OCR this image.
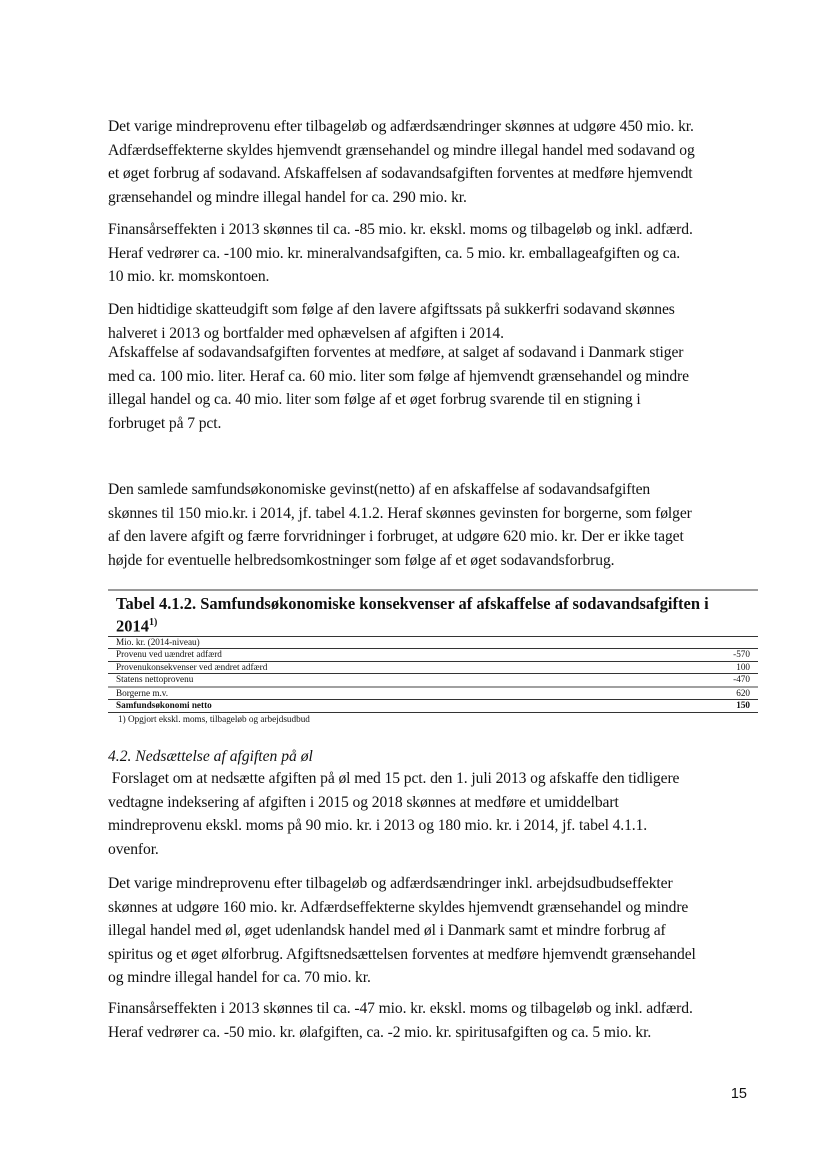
Det varige mindreprovenu efter tilbageløb og adfærdsændringer skønnes at udgøre 450 mio. kr.
Adfærdseffekterne skyldes hjemvendt grænsehandel og mindre illegal handel med sodavand og
et øget forbrug af sodavand. Afskaffelsen af sodavandsafgiften forventes at medføre hjemvendt
grænsehandel og mindre illegal handel for ca. 290 mio. kr.

Finansårseffekten i 2013 skønnes til ca. -85 mio. kr. ekskl. moms og tilbageløb og inkl. adfærd.
Heraf vedrører ca. -100 mio. kr. mineralvandsafgiften, ca. 5 mio. kr. emballageafgiften og ca.
10 mio. kr. momskontoen.

Den hidtidige skatteudgift som følge af den lavere afgiftssats på sukkerfri sodavand skønnes
halveret i 2013 og bortfalder med ophævelsen af afgiften i 2014.

Afskaffelse af sodavandsafgiften forventes at medføre, at salget af sodavand i Danmark stiger
med ca. 100 mio. liter. Heraf ca. 60 mio. liter som følge af hjemvendt grænsehandel og mindre
illegal handel og ca. 40 mio. liter som følge af et øget forbrug svarende til en stigning i
forbruget på 7 pct.

Den samlede samfundsøkonomiske gevinst(netto) af en afskaffelse af sodavandsafgiften
skønnes til 150 mio.kr. i 2014, jf. tabel 4.1.2. Heraf skønnes gevinsten for borgerne, som følger
af den lavere afgift og færre forvridninger i forbruget, at udgøre 620 mio. kr. Der er ikke taget
højde for eventuelle helbredsomkostninger som følge af et øget sodavandsforbrug.

Tabel 4.1.2. Samfundsøkonomiske konsekvenser af afskaffelse af sodavandsafgiften i
2014$^{1)}$
Mio. kr. (2014-niveau)
Provenu ved uændret adfærd	-570
Provenukonsekvenser ved ændret adfærd	100
Statens nettoprovenu	-470
Borgerne m.v.	620
Samfundsøkonomi netto	150
1) Opgjort ekskl. moms, tilbageløb og arbejdsudbud

4.2. Nedsættelse af afgiften på øl

Forslaget om at nedsætte afgiften på øl med 15 pct. den 1. juli 2013 og afskaffe den tidligere
vedtagne indeksering af afgiften i 2015 og 2018 skønnes at medføre et umiddelbart
mindreprovenu ekskl. moms på 90 mio. kr. i 2013 og 180 mio. kr. i 2014, jf. tabel 4.1.1.
ovenfor.

Det varige mindreprovenu efter tilbageløb og adfærdsændringer inkl. arbejdsudbudseffekter
skønnes at udgøre 160 mio. kr. Adfærdseffekterne skyldes hjemvendt grænsehandel og mindre
illegal handel med øl, øget udenlandsk handel med øl i Danmark samt et mindre forbrug af
spiritus og et øget ølforbrug. Afgiftsnedsættelsen forventes at medføre hjemvendt grænsehandel
og mindre illegal handel for ca. 70 mio. kr.

Finansårseffekten i 2013 skønnes til ca. -47 mio. kr. ekskl. moms og tilbageløb og inkl. adfærd.
Heraf vedrører ca. -50 mio. kr. ølafgiften, ca. -2 mio. kr. spiritusafgiften og ca. 5 mio. kr.

15
